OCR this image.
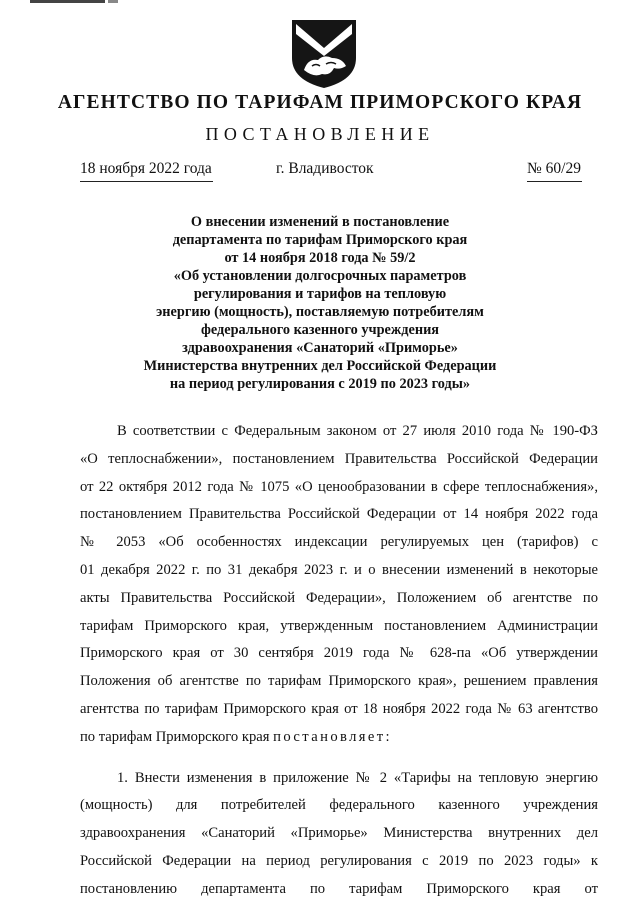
АГЕНТСТВО ПО ТАРИФАМ ПРИМОРСКОГО КРАЯ
ПОСТАНОВЛЕНИЕ
18 ноября 2022 года	г. Владивосток	№ 60/29
О внесении изменений в постановление
департамента по тарифам Приморского края
от 14 ноября 2018 года № 59/2
«Об установлении долгосрочных параметров
регулирования и тарифов на тепловую
энергию (мощность), поставляемую потребителям
федерального казенного учреждения
здравоохранения «Санаторий «Приморье»
Министерства внутренних дел Российской Федерации
на период регулирования с 2019 по 2023 годы»
В соответствии с Федеральным законом от 27 июля 2010 года № 190-ФЗ
«О теплоснабжении», постановлением Правительства Российской Федерации
от 22 октября 2012 года № 1075 «О ценообразовании в сфере теплоснабжения»,
постановлением Правительства Российской Федерации от 14 ноября 2022 года
№ 2053 «Об особенностях индексации регулируемых цен (тарифов) с
01 декабря 2022 г. по 31 декабря 2023 г. и о внесении изменений в некоторые
акты Правительства Российской Федерации», Положением об агентстве по
тарифам Приморского края, утвержденным постановлением Администрации
Приморского края от 30 сентября 2019 года № 628-па «Об утверждении
Положения об агентстве по тарифам Приморского края», решением правления
агентства по тарифам Приморского края от 18 ноября 2022 года № 63 агентство
по тарифам Приморского края постановляет:
1. Внести изменения в приложение № 2 «Тарифы на тепловую энергию
(мощность) для потребителей федерального казенного учреждения
здравоохранения «Санаторий «Приморье» Министерства внутренних дел
Российской Федерации на период регулирования с 2019 по 2023 годы» к
постановлению департамента по тарифам Приморского края от
